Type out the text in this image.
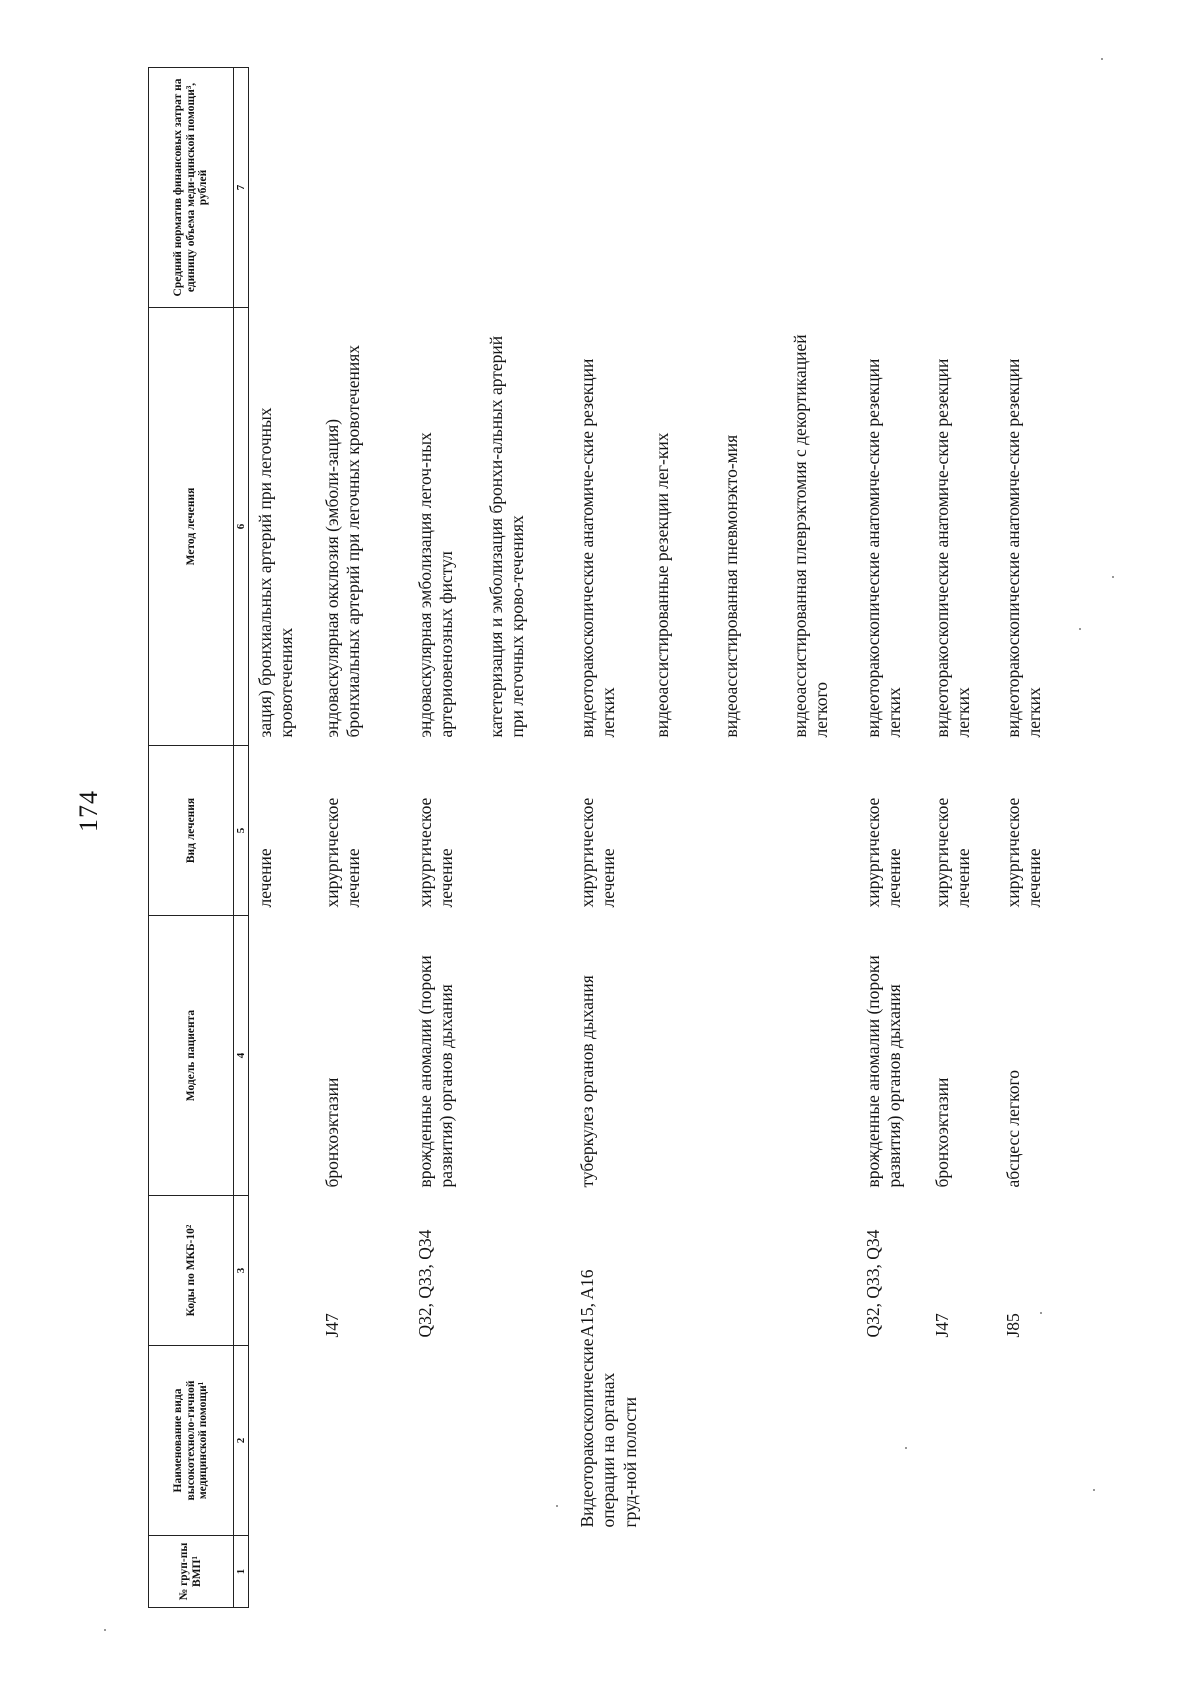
174
№ груп-пы ВМП¹	Наименование вида высокотехноло-гичной медицинской помощи¹	Коды по МКБ-10²	Модель пациента	Вид лечения	Метод лечения	Средний норматив финансовых затрат на единицу объема меди-цинской помощи³, рублей
1	2	3	4	5	6	7
				лечение	зация) бронхиальных артерий при легочных кровотечениях	
		J47	бронхоэктазии	хирургическое лечение	эндоваскулярная окклюзия (эмболи-зация) бронхиальных артерий при легочных кровотечениях	
		Q32, Q33, Q34	врожденные аномалии (пороки развития) органов дыхания	хирургическое лечение	эндоваскулярная эмболизация легоч-ных артериовенозных фистул	
					катетеризация и эмболизация бронхи-альных артерий при легочных крово-течениях	
	Видеоторакоскопические операции на органах груд-ной полости	A15, A16	туберкулез органов дыхания	хирургическое лечение	видеоторакоскопические анатомиче-ские резекции легких	
					видеоассистированные резекции лег-ких	
					видеоассистированная пневмонэкто-мия	
					видеоассистированная плеврэктомия с декортикацией легкого	
		Q32, Q33, Q34	врожденные аномалии (пороки развития) органов дыхания	хирургическое лечение	видеоторакоскопические анатомиче-ские резекции легких	
		J47	бронхоэктазии	хирургическое лечение	видеоторакоскопические анатомиче-ские резекции легких	
		J85	абсцесс легкого	хирургическое лечение	видеоторакоскопические анатомиче-ские резекции легких	
